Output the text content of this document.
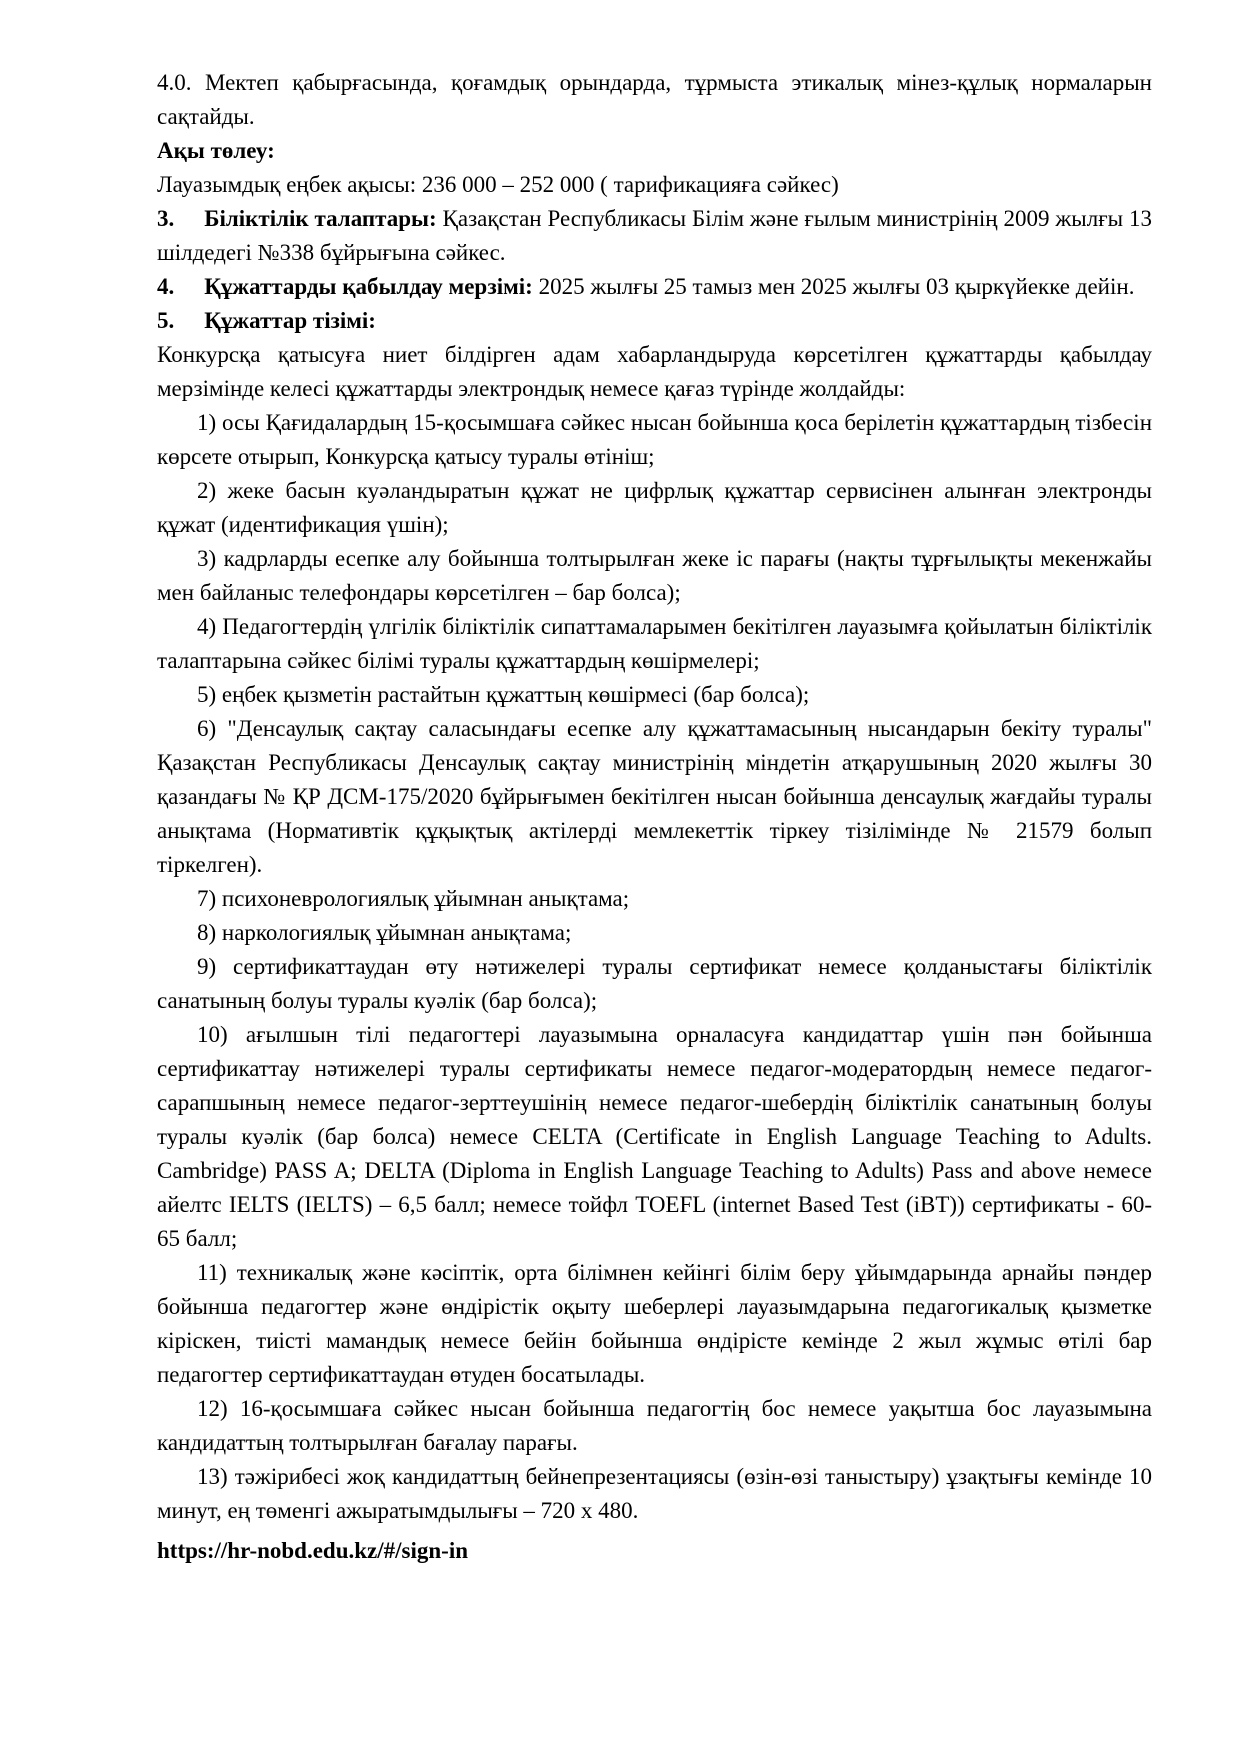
4.0. Мектеп қабырғасында, қоғамдық орындарда, тұрмыста этикалық мінез-құлық нормаларын сақтайды.

Ақы төлеу:

Лауазымдық еңбек ақысы: 236 000 – 252 000 ( тарификацияға сәйкес)

3. Біліктілік талаптары: Қазақстан Республикасы Білім және ғылым министрінің 2009 жылғы 13 шілдедегі №338 бұйрығына сәйкес.

4. Құжаттарды қабылдау мерзімі: 2025 жылғы 25 тамыз мен 2025 жылғы 03 қыркүйекке дейін.

5. Құжаттар тізімі:

Конкурсқа қатысуға ниет білдірген адам хабарландыруда көрсетілген құжаттарды қабылдау мерзімінде келесі құжаттарды электрондық немесе қағаз түрінде жолдайды:

1) осы Қағидалардың 15-қосымшаға сәйкес нысан бойынша қоса берілетін құжаттардың тізбесін көрсете отырып, Конкурсқа қатысу туралы өтініш;

2) жеке басын куәландыратын құжат не цифрлық құжаттар сервисінен алынған электронды құжат (идентификация үшін);

3) кадрларды есепке алу бойынша толтырылған жеке іс парағы (нақты тұрғылықты мекенжайы мен байланыс телефондары көрсетілген – бар болса);

4) Педагогтердің үлгілік біліктілік сипаттамаларымен бекітілген лауазымға қойылатын біліктілік талаптарына сәйкес білімі туралы құжаттардың көшірмелері;

5) еңбек қызметін растайтын құжаттың көшірмесі (бар болса);

6) "Денсаулық сақтау саласындағы есепке алу құжаттамасының нысандарын бекіту туралы" Қазақстан Республикасы Денсаулық сақтау министрінің міндетін атқарушының 2020 жылғы 30 қазандағы № ҚР ДСМ-175/2020 бұйрығымен бекітілген нысан бойынша денсаулық жағдайы туралы анықтама (Нормативтік құқықтық актілерді мемлекеттік тіркеу тізілімінде № 21579 болып тіркелген).

7) психоневрологиялық ұйымнан анықтама;

8) наркологиялық ұйымнан анықтама;

9) сертификаттаудан өту нәтижелері туралы сертификат немесе қолданыстағы біліктілік санатының болуы туралы куәлік (бар болса);

10) ағылшын тілі педагогтері лауазымына орналасуға кандидаттар үшін пән бойынша сертификаттау нәтижелері туралы сертификаты немесе педагог-модератордың немесе педагог-сарапшының немесе педагог-зерттеушінің немесе педагог-шебердің біліктілік санатының болуы туралы куәлік (бар болса) немесе CELTA (Certificate in English Language Teaching to Adults. Cambridge) PASS A; DELTA (Diploma in English Language Teaching to Adults) Pass and above немесе айелтс IELTS (IELTS) – 6,5 балл; немесе тойфл TOEFL (internet Based Test (iBT)) сертификаты - 60-65 балл;

11) техникалық және кәсіптік, орта білімнен кейінгі білім беру ұйымдарында арнайы пәндер бойынша педагогтер және өндірістік оқыту шеберлері лауазымдарына педагогикалық қызметке кіріскен, тиісті мамандық немесе бейін бойынша өндірісте кемінде 2 жыл жұмыс өтілі бар педагогтер сертификаттаудан өтуден босатылады.

12) 16-қосымшаға сәйкес нысан бойынша педагогтің бос немесе уақытша бос лауазымына кандидаттың толтырылған бағалау парағы.

13) тәжірибесі жоқ кандидаттың бейнепрезентациясы (өзін-өзі таныстыру) ұзақтығы кемінде 10 минут, ең төменгі ажыратымдылығы – 720 x 480.

https://hr-nobd.edu.kz/#/sign-in
